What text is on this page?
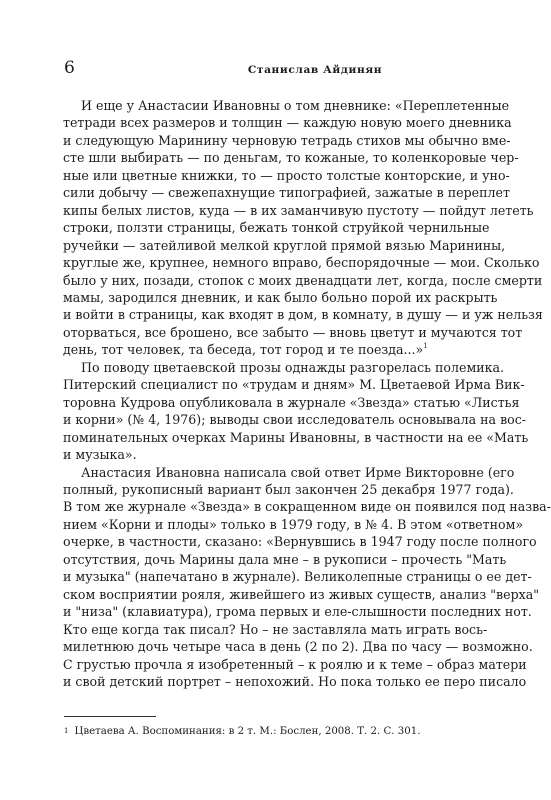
6	Станислав Айдинян

И еще у Анастасии Ивановны о том дневнике: «Переплетенные
тетради всех размеров и толщин — каждую новую моего дневника
и следующую Маринину черновую тетрадь стихов мы обычно вме-
сте шли выбирать — по деньгам, то кожаные, то коленкоровые чер-
ные или цветные книжки, то — просто толстые конторские, и уно-
сили добычу — свежепахнущие типографией, зажатые в переплет
кипы белых листов, куда — в их заманчивую пустоту — пойдут лететь
строки, ползти страницы, бежать тонкой струйкой чернильные
ручейки — затейливой мелкой круглой прямой вязью Маринины,
круглые же, крупнее, немного вправо, беспорядочные — мои. Сколько
было у них, позади, стопок с моих двенадцати лет, когда, после смерти
мамы, зародился дневник, и как было больно порой их раскрыть
и войти в страницы, как входят в дом, в комнату, в душу — и уж нельзя
оторваться, все брошено, все забыто — вновь цветут и мучаются тот
день, тот человек, та беседа, тот город и те поезда...»$^1$

По поводу цветаевской прозы однажды разгорелась полемика.
Питерский специалист по «трудам и дням» М. Цветаевой Ирма Вик-
торовна Кудрова опубликовала в журнале «Звезда» статью «Листья
и корни» (№ 4, 1976); выводы свои исследователь основывала на вос-
поминательных очерках Марины Ивановны, в частности на ее «Мать
и музыка».

Анастасия Ивановна написала свой ответ Ирме Викторовне (его
полный, рукописный вариант был закончен 25 декабря 1977 года).
В том же журнале «Звезда» в сокращенном виде он появился под назва-
нием «Корни и плоды» только в 1979 году, в № 4. В этом «ответном»
очерке, в частности, сказано: «Вернувшись в 1947 году после полного
отсутствия, дочь Марины дала мне – в рукописи – прочесть "Мать
и музыка" (напечатано в журнале). Великолепные страницы о ее дет-
ском восприятии рояля, живейшего из живых существ, анализ "верха"
и "низа" (клавиатура), грома первых и еле-слышности последних нот.
Кто еще когда так писал? Но – не заставляла мать играть вось-
милетнюю дочь четыре часа в день (2 по 2). Два по часу — возможно.
С грустью прочла я изобретенный – к роялю и к теме – образ матери
и свой детский портрет – непохожий. Но пока только ее перо писало

$^1$ Цветаева А. Воспоминания: в 2 т. М.: Бослен, 2008. Т. 2. С. 301.
